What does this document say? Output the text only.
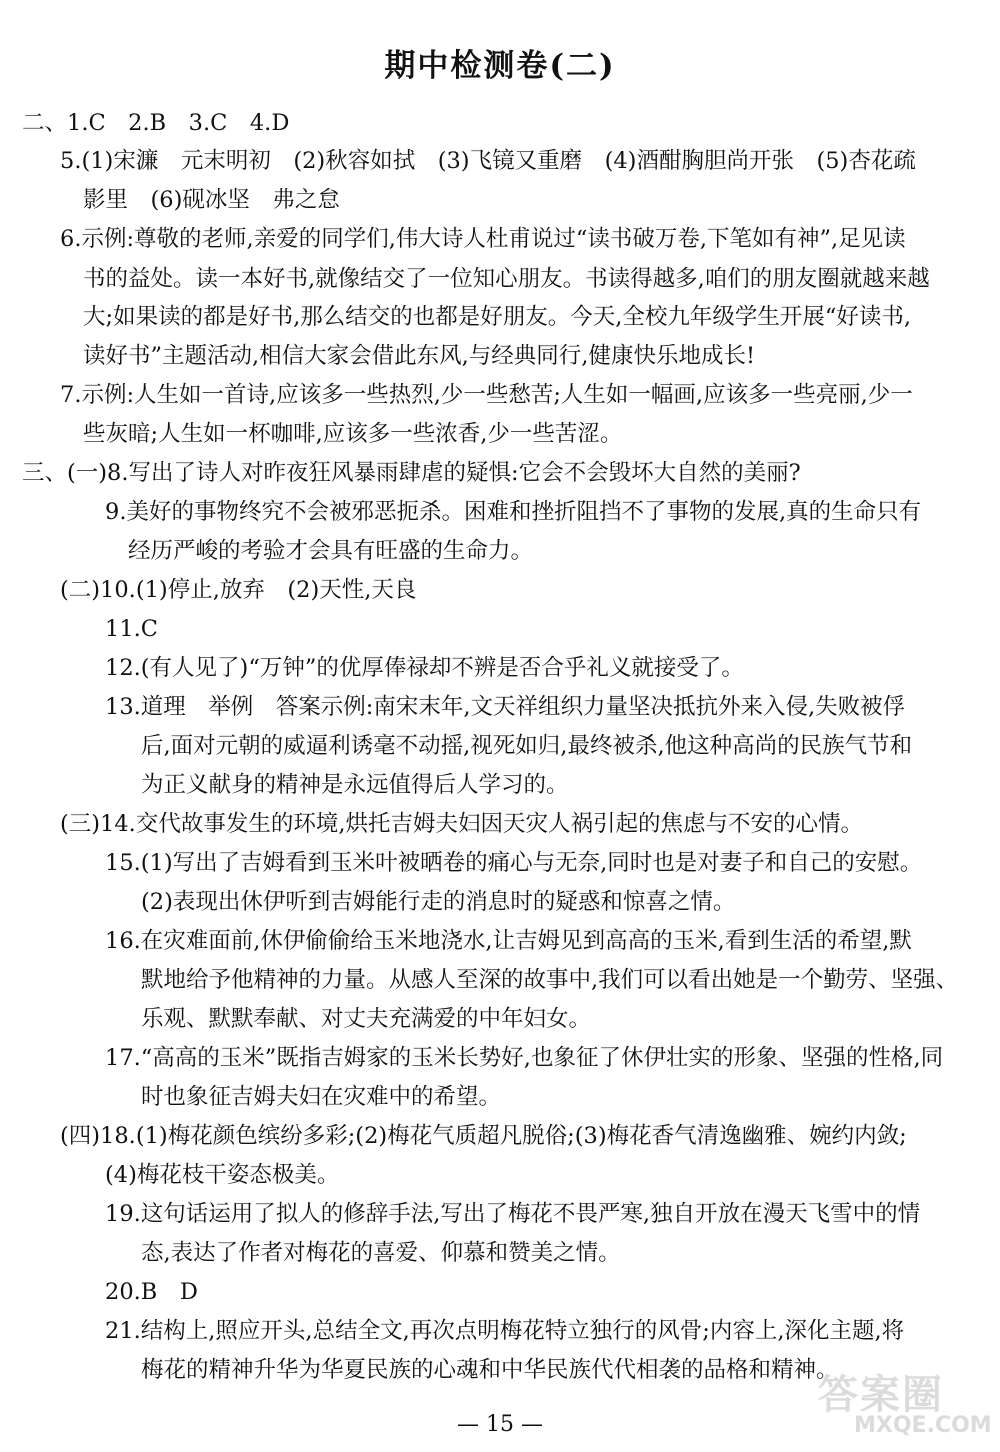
期中检测卷(二)
二、1.C　2.B　3.C　4.D
5.(1)宋濂　元末明初　(2)秋容如拭　(3)飞镜又重磨　(4)酒酣胸胆尚开张　(5)杏花疏
影里　(6)砚冰坚　弗之怠
6.示例:尊敬的老师,亲爱的同学们,伟大诗人杜甫说过“读书破万卷,下笔如有神”,足见读
书的益处。读一本好书,就像结交了一位知心朋友。书读得越多,咱们的朋友圈就越来越
大;如果读的都是好书,那么结交的也都是好朋友。今天,全校九年级学生开展“好读书,
读好书”主题活动,相信大家会借此东风,与经典同行,健康快乐地成长!
7.示例:人生如一首诗,应该多一些热烈,少一些愁苦;人生如一幅画,应该多一些亮丽,少一
些灰暗;人生如一杯咖啡,应该多一些浓香,少一些苦涩。
三、(一)8.写出了诗人对昨夜狂风暴雨肆虐的疑惧:它会不会毁坏大自然的美丽?
9.美好的事物终究不会被邪恶扼杀。困难和挫折阻挡不了事物的发展,真的生命只有
经历严峻的考验才会具有旺盛的生命力。
(二)10.(1)停止,放弃　(2)天性,天良
11.C
12.(有人见了)“万钟”的优厚俸禄却不辨是否合乎礼义就接受了。
13.道理　举例　答案示例:南宋末年,文天祥组织力量坚决抵抗外来入侵,失败被俘
后,面对元朝的威逼利诱毫不动摇,视死如归,最终被杀,他这种高尚的民族气节和
为正义献身的精神是永远值得后人学习的。
(三)14.交代故事发生的环境,烘托吉姆夫妇因天灾人祸引起的焦虑与不安的心情。
15.(1)写出了吉姆看到玉米叶被晒卷的痛心与无奈,同时也是对妻子和自己的安慰。
(2)表现出休伊听到吉姆能行走的消息时的疑惑和惊喜之情。
16.在灾难面前,休伊偷偷给玉米地浇水,让吉姆见到高高的玉米,看到生活的希望,默
默地给予他精神的力量。从感人至深的故事中,我们可以看出她是一个勤劳、坚强、
乐观、默默奉献、对丈夫充满爱的中年妇女。
17.“高高的玉米”既指吉姆家的玉米长势好,也象征了休伊壮实的形象、坚强的性格,同
时也象征吉姆夫妇在灾难中的希望。
(四)18.(1)梅花颜色缤纷多彩;(2)梅花气质超凡脱俗;(3)梅花香气清逸幽雅、婉约内敛;
(4)梅花枝干姿态极美。
19.这句话运用了拟人的修辞手法,写出了梅花不畏严寒,独自开放在漫天飞雪中的情
态,表达了作者对梅花的喜爱、仰慕和赞美之情。
20.B　D
21.结构上,照应开头,总结全文,再次点明梅花特立独行的风骨;内容上,深化主题,将
梅花的精神升华为华夏民族的心魂和中华民族代代相袭的品格和精神。
— 15 —
答案圈
MXQE.COM
